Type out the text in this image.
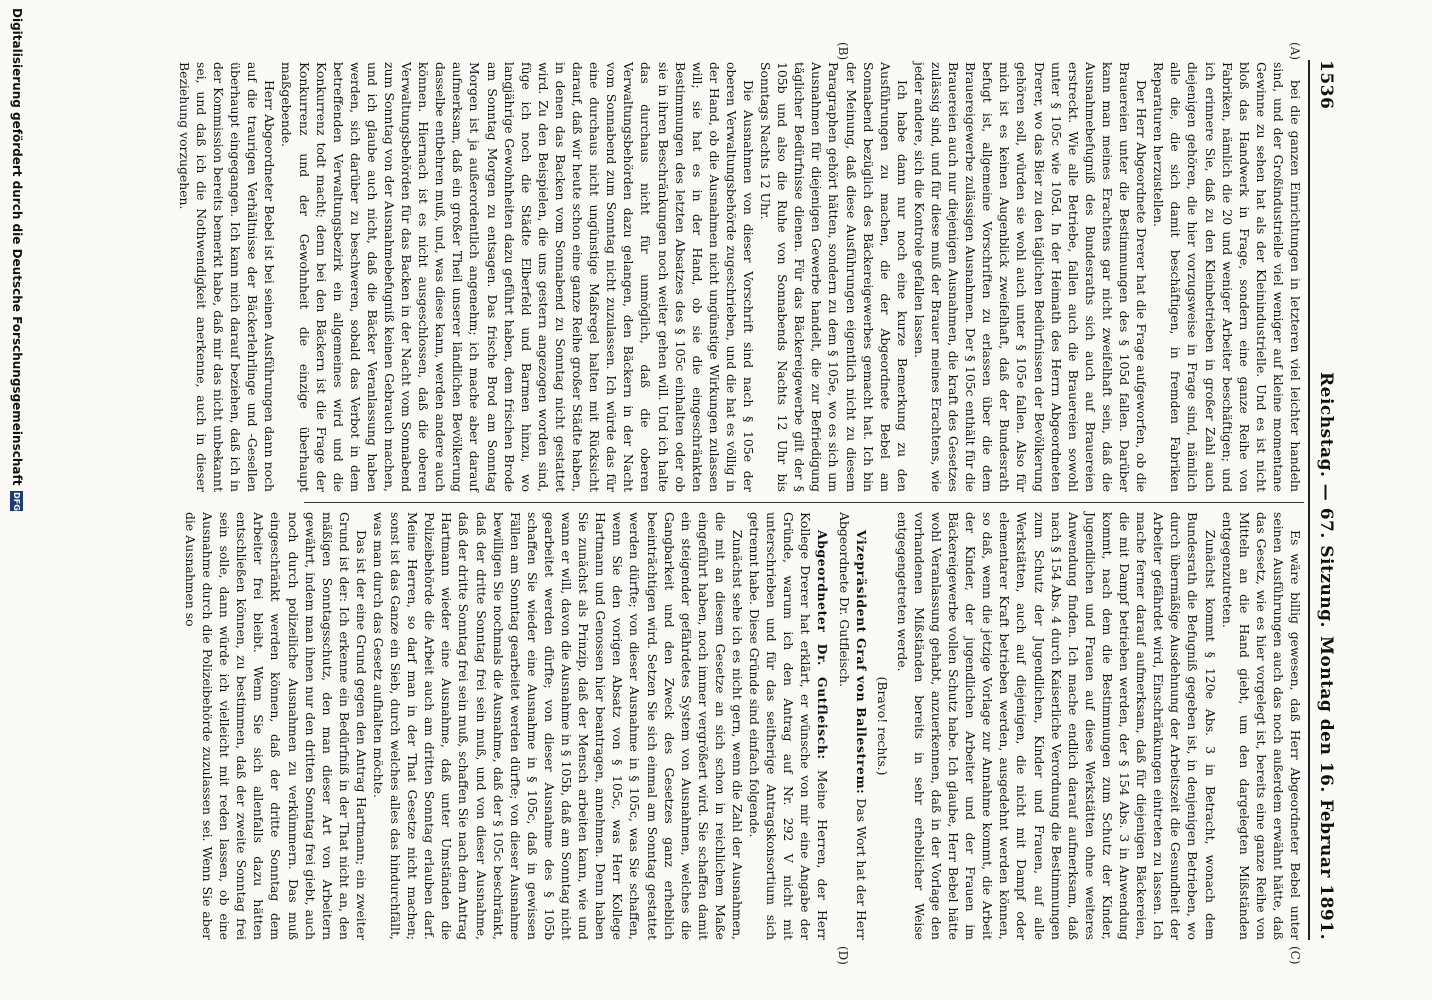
1536
Reichstag. — 67. Sitzung.
Montag den 16. Februar 1891.
(A)
(B)
(C)
(D)

bei die ganzen Einrichtungen in letzteren viel leichter handeln sind, und der Großindustrielle viel weniger auf kleine momentane Gewinne zu sehen hat als der Kleinindustrielle. Und es ist nicht bloß das Handwerk in Frage, sondern eine ganze Reihe von Fabriken, nämlich die 20 und weniger Arbeiter beschäftigen; und ich erinnere Sie, daß zu den Kleinbetrieben in großer Zahl auch diejenigen gehören, die hier vorzugsweise in Frage sind, nämlich alle die, die sich damit beschäftigen, in fremden Fabriken Reparaturen herzustellen.

Der Herr Abgeordnete Drerer hat die Frage aufgeworfen, ob die Brauereien unter die Bestimmungen des § 105d fallen. Darüber kann man meines Erachtens gar nicht zweifelhaft sein, daß die Ausnahmebefugniß des Bundesraths sich auch auf Brauereien erstreckt. Wie alle Betriebe, fallen auch die Brauereien sowohl unter § 105c wie 105d. In der Heimath des Herrn Abgeordneten Drerer, wo das Bier zu den täglichen Bedürfnissen der Bevölkerung gehören soll, würden sie wohl auch unter § 105e fallen. Also für mich ist es keinen Augenblick zweifelhaft, daß der Bundesrath befugt ist, allgemeine Vorschriften zu erlassen über die dem Brauereigewerbe zulässigen Ausnahmen. Der § 105c enthält für die Brauereien auch nur diejenigen Ausnahmen, die kraft des Gesetzes zulässig sind, und für diese muß der Brauer meines Erachtens, wie jeder andere, sich die Kontrole gefallen lassen.

Ich habe dann nur noch eine kurze Bemerkung zu den Ausführungen zu machen, die der Abgeordnete Bebel am Sonnabend bezüglich des Bäckereigewerbes gemacht hat. Ich bin der Meinung, daß diese Ausführungen eigentlich nicht zu diesem Paragraphen gehört hätten, sondern zu dem § 105e, wo es sich um Ausnahmen für diejenigen Gewerbe handelt, die zur Befriedigung täglicher Bedürfnisse dienen. Für das Bäckereigewerbe gilt der § 105b und also die Ruhe von Sonnabends Nachts 12 Uhr bis Sonntags Nachts 12 Uhr.

Die Ausnahmen von dieser Vorschrift sind nach § 105e der oberen Verwaltungsbehörde zugeschrieben, und die hat es völlig in der Hand, ob die Ausnahmen nicht ungünstige Wirkungen zulassen will; sie hat es in der Hand, ob sie die eingeschränkten Bestimmungen des letzten Absatzes des § 105c einhalten oder ob sie in ihren Beschränkungen noch weiter gehen will. Und ich halte das durchaus nicht für unmöglich, daß die oberen Verwaltungsbehörden dazu gelangen, den Bäckern in der Nacht vom Sonnabend zum Sonntag nicht zuzulassen. Ich würde das für eine durchaus nicht ungünstige Maßregel halten mit Rücksicht darauf, daß wir heute schon eine ganze Reihe großer Städte haben, in denen das Backen vom Sonnabend zu Sonntag nicht gestattet wird. Zu den Beispielen, die uns gestern angezogen worden sind, füge ich noch die Städte Elberfeld und Barmen hinzu, wo langjährige Gewohnheiten dazu geführt haben, dem frischen Brode am Sonntag Morgen zu entsagen. Das frische Brod am Sonntag Morgen ist ja außerordentlich angenehm; ich mache aber darauf aufmerksam, daß ein großer Theil unserer ländlichen Bevölkerung dasselbe entbehren muß, und, was diese kann, werden andere auch können. Hiernach ist es nicht ausgeschlossen, daß die oberen Verwaltungsbehörden für das Backen in der Nacht vom Sonnabend zum Sonntag von der Ausnahmebefugniß keinen Gebrauch machen, und ich glaube auch nicht, daß die Bäcker Veranlassung haben werden, sich darüber zu beschweren, sobald das Verbot in dem betreffenden Verwaltungsbezirk ein allgemeines wird und die Konkurrenz todt macht; denn bei den Bäckern ist die Frage der Konkurrenz und der Gewohnheit die einzige überhaupt maßgebende.

Herr Abgeordneter Bebel ist bei seinen Ausführungen dann noch auf die traurigen Verhältnisse der Bäckerlehrlinge und -Gesellen überhaupt eingegangen. Ich kann mich darauf beziehen, daß ich in der Kommission bereits bemerkt habe, daß mir das nicht unbekannt sei, und daß ich die Nothwendigkeit anerkenne, auch in dieser Beziehung vorzugehen.

Es wäre billig gewesen, daß Herr Abgeordneter Bebel unter seinen Ausführungen auch das noch außerdem erwähnt hätte, daß das Gesetz, wie es hier vorgelegt ist, bereits eine ganze Reihe von Mitteln an die Hand giebt, um den dargelegten Mißständen entgegenzutreten.

Zunächst kommt § 120e Abs. 3 in Betracht, wonach dem Bundesrath die Befugniß gegeben ist, in denjenigen Betrieben, wo durch übermäßige Ausdehnung der Arbeitszeit die Gesundheit der Arbeiter gefährdet wird, Einschränkungen eintreten zu lassen. Ich mache ferner darauf aufmerksam, daß für diejenigen Bäckereien, die mit Dampf betrieben werden, der § 154 Abs. 3 in Anwendung kommt, nach dem die Bestimmungen zum Schutz der Kinder, Jugendlichen und Frauen auf diese Werkstätten ohne weiteres Anwendung finden. Ich mache endlich darauf aufmerksam, daß nach § 154 Abs. 4 durch Kaiserliche Verordnung die Bestimmungen zum Schutz der Jugendlichen, Kinder und Frauen, auf alle Werkstätten, auch auf diejenigen, die nicht mit Dampf oder elementarer Kraft betrieben werden, ausgedehnt werden können, so daß, wenn die jetzige Vorlage zur Annahme kommt, die Arbeit der Kinder, der jugendlichen Arbeiter und der Frauen im Bäckereigewerbe vollen Schutz habe. Ich glaube, Herr Bebel hätte wohl Veranlassung gehabt, anzuerkennen, daß in der Vorlage den vorhandenen Mißständen bereits in sehr erheblicher Weise entgegengetreten werde.

(Bravo! rechts.)

Vizepräsident Graf von Ballestrem: Das Wort hat der Herr Abgeordnete Dr. Gutfleisch.

Abgeordneter Dr. Gutfleisch: Meine Herren, der Herr Kollege Drerer hat erklärt, er wünsche von mir eine Angabe der Gründe, warum ich den Antrag auf Nr. 292 V nicht mit unterschrieben und für das seitherige Antragskonsortium sich getrennt habe. Diese Gründe sind einfach folgende.

Zunächst sehe ich es nicht gern, wenn die Zahl der Ausnahmen, die mit an diesem Gesetze an sich schon in reichlichem Maße eingeführt haben, noch immer vergrößert wird. Sie schaffen damit ein steigender gefährdetes System von Ausnahmen, welches die Gangbarkeit und den Zweck des Gesetzes ganz erheblich beeinträchtigen wird. Setzen Sie sich einmal am Sonntag gestattet werden dürfte; von dieser Ausnahme in § 105c, was Sie schaffen, wenn Sie den vorigen Absatz von § 105c, was Herr Kollege Hartmann und Genossen hier beantragen, annehmen. Denn haben Sie zunächst als Prinzip, daß der Mensch arbeiten kann, wie und wann er will, davon die Ausnahme in § 105b, daß am Sonntag nicht gearbeitet werden dürfte; von dieser Ausnahme des § 105b schaffen Sie wieder eine Ausnahme in § 105c, daß in gewissen Fällen am Sonntag gearbeitet werden dürfte; von dieser Ausnahme bewilligen Sie nochmals die Ausnahme, daß der § 105c beschränkt, daß der dritte Sonntag frei sein muß, und von dieser Ausnahme, daß der dritte Sonntag frei sein muß, schaffen Sie nach dem Antrag Hartmann wieder eine Ausnahme, daß unter Umständen die Polizeibehörde die Arbeit auch am dritten Sonntag erlauben darf. Meine Herren, so darf man in der That Gesetze nicht machen; sonst ist das Ganze ein Sieb, durch welches alles das hindurchfällt, was man durch das Gesetz aufhalten möchte.

Das ist der eine Grund gegen den Antrag Hartmann; ein zweiter Grund ist der: Ich erkenne ein Bedürfniß in der That nicht an, den mäßigen Sonntagsschutz, den man dieser Art von Arbeitern gewährt, indem man ihnen nur den dritten Sonntag frei giebt, auch noch durch polizeiliche Ausnahmen zu verkümmern. Das muß eingeschränkt werden können, daß der dritte Sonntag dem Arbeiter frei bleibt. Wenn Sie sich allenfalls dazu hätten entschließen können, zu bestimmen, daß der zweite Sonntag frei sein solle, dann würde ich vielleicht mit reden lassen, ob eine Ausnahme durch die Polizeibehörde zuzulassen sei. Wenn Sie aber die Ausnahmen so

Digitalisierung gefördert durch die Deutsche Forschungsgemeinschaft
DFG
